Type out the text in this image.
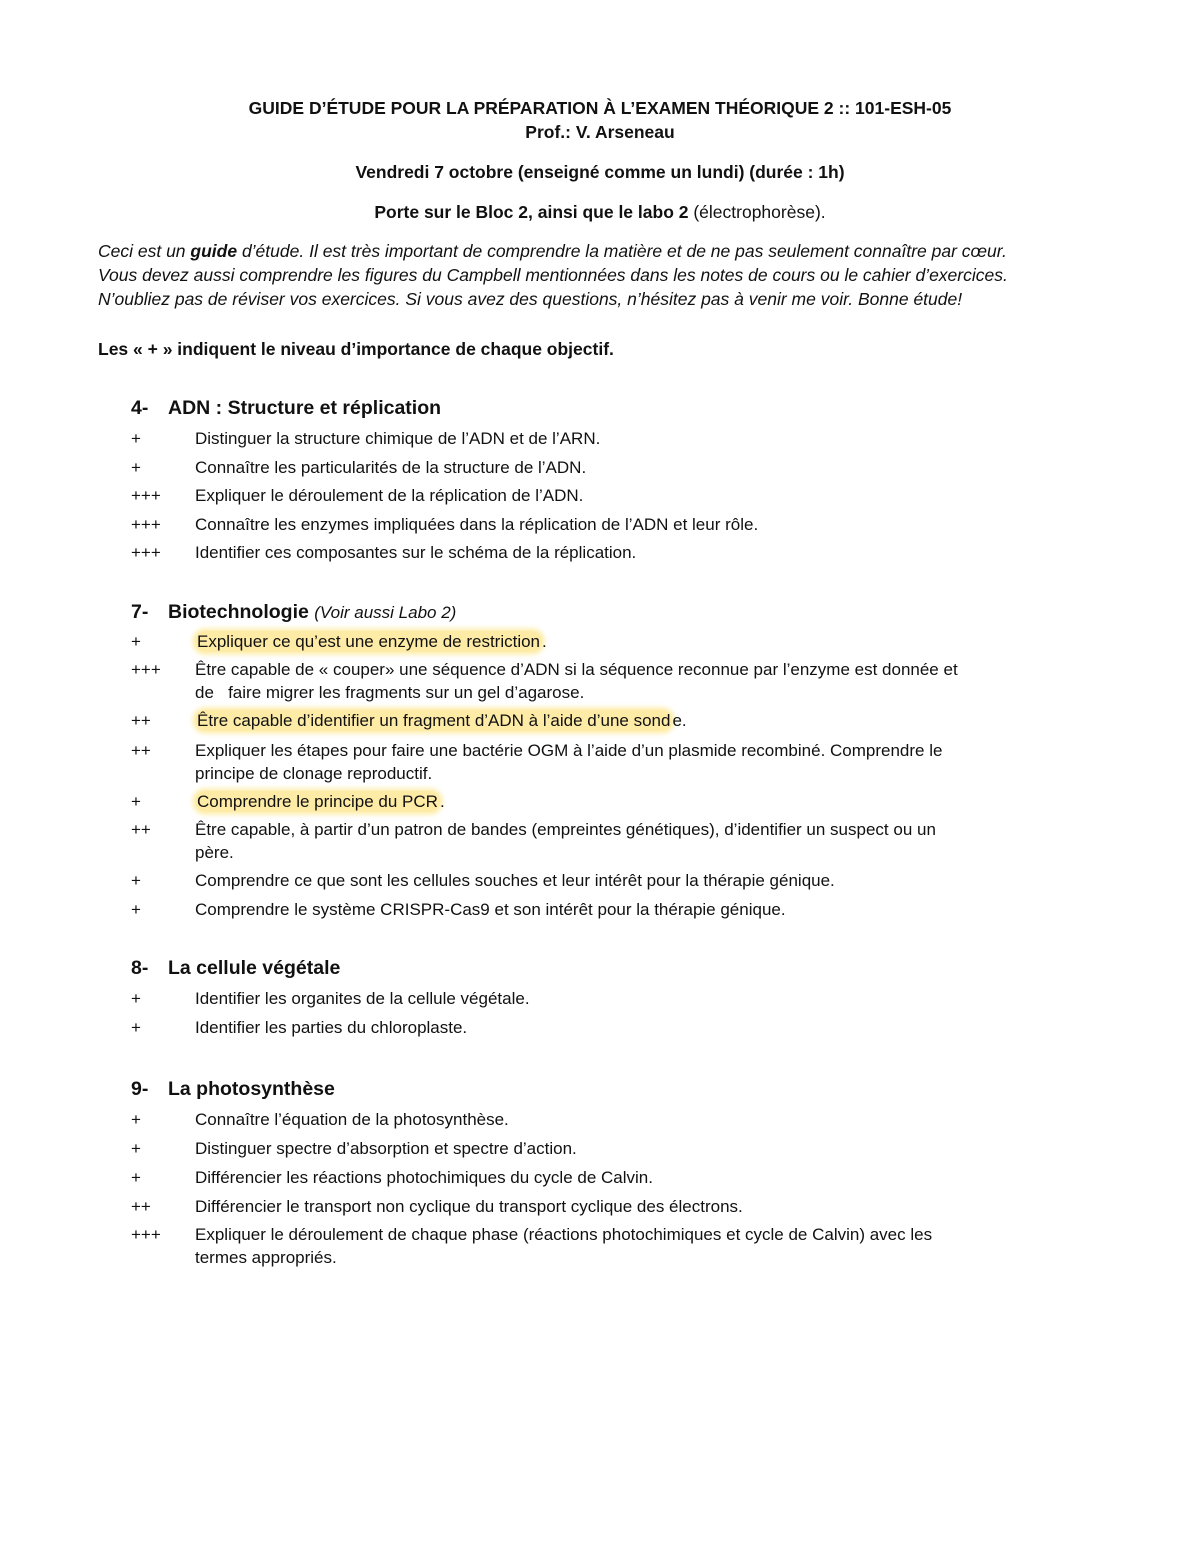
GUIDE D’ÉTUDE POUR LA PRÉPARATION À L’EXAMEN THÉORIQUE 2 :: 101-ESH-05
Prof.: V. Arseneau
Vendredi 7 octobre (enseigné comme un lundi) (durée : 1h)
Porte sur le Bloc 2, ainsi que le labo 2 (électrophorèse).

Ceci est un guide d’étude. Il est très important de comprendre la matière et de ne pas seulement connaître par cœur.

Vous devez aussi comprendre les figures du Campbell mentionnées dans les notes de cours ou le cahier d’exercices.

N’oubliez pas de réviser vos exercices. Si vous avez des questions, n’hésitez pas à venir me voir. Bonne étude!

Les « + » indiquent le niveau d’importance de chaque objectif.
4- ADN : Structure et réplication
+	Distinguer la structure chimique de l’ADN et de l’ARN.
+	Connaître les particularités de la structure de l’ADN.
+++	Expliquer le déroulement de la réplication de l’ADN.
+++	Connaître les enzymes impliquées dans la réplication de l’ADN et leur rôle.
+++	Identifier ces composantes sur le schéma de la réplication.
7- Biotechnologie (Voir aussi Labo 2)
+	Expliquer ce qu’est une enzyme de restriction .
+++	Être capable de « couper» une séquence d’ADN si la séquence reconnue par l’enzyme est donnée et
de   faire migrer les fragments sur un gel d’agarose.
++	Être capable d’identifier un fragment d’ADN à l’aide d’une sond e.
++	Expliquer les étapes pour faire une bactérie OGM à l’aide d’un plasmide recombiné. Comprendre le
principe de clonage reproductif.
+	Comprendre le principe du PCR .
++	Être capable, à partir d’un patron de bandes (empreintes génétiques), d’identifier un suspect ou un
père.
+	Comprendre ce que sont les cellules souches et leur intérêt pour la thérapie génique.
+	Comprendre le système CRISPR-Cas9 et son intérêt pour la thérapie génique.
8- La cellule végétale
+	Identifier les organites de la cellule végétale.
+	Identifier les parties du chloroplaste.
9- La photosynthèse
+	Connaître l’équation de la photosynthèse.
+	Distinguer spectre d’absorption et spectre d’action.
+	Différencier les réactions photochimiques du cycle de Calvin.
++	Différencier le transport non cyclique du transport cyclique des électrons.
+++	Expliquer le déroulement de chaque phase (réactions photochimiques et cycle de Calvin) avec les
termes appropriés.
